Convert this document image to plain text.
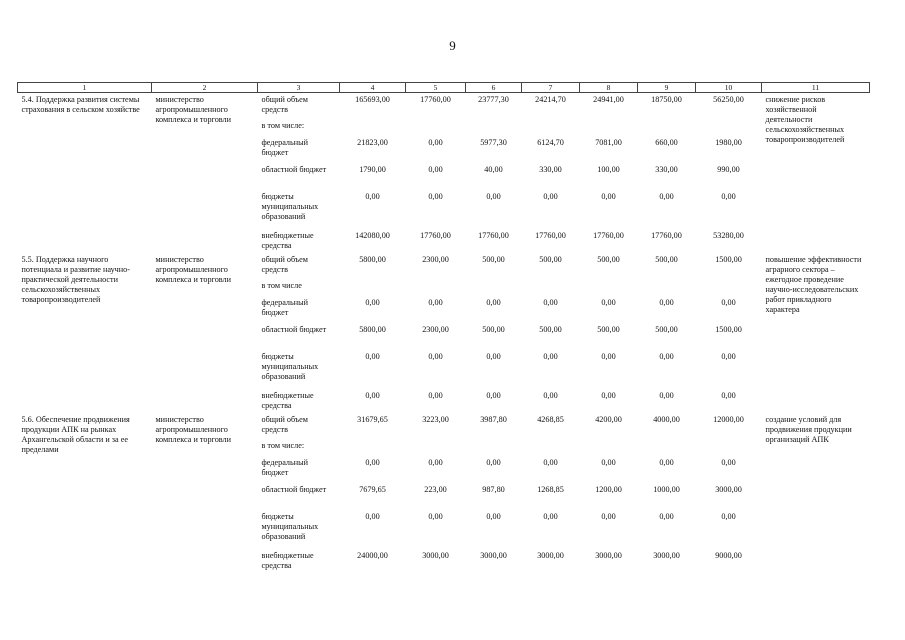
9
1	2	3	4	5	6	7	8	9	10	11
5.4. Поддержка развития системы страхования в сельском хозяйстве	министерство агропромышленного комплекса и торговли	общий объем средств	165693,00	17760,00	23777,30	24214,70	24941,00	18750,00	56250,00	снижение рисков хозяйственной деятельности сельскохозяйственных товаропроизводителей
		в том числе:								
		федеральный бюджет	21823,00	0,00	5977,30	6124,70	7081,00	660,00	1980,00	
		областной бюджет	1790,00	0,00	40,00	330,00	100,00	330,00	990,00	
		бюджеты муниципальных образований	0,00	0,00	0,00	0,00	0,00	0,00	0,00	
		внебюджетные средства	142080,00	17760,00	17760,00	17760,00	17760,00	17760,00	53280,00	
5.5. Поддержка научного потенциала и развитие научно-практической деятельности сельскохозяйственных товаропроизводителей	министерство агропромышленного комплекса и торговли	общий объем средств	5800,00	2300,00	500,00	500,00	500,00	500,00	1500,00	повышение эффективности аграрного сектора – ежегодное проведение научно-исследовательских работ прикладного характера
		в том числе								
		федеральный бюджет	0,00	0,00	0,00	0,00	0,00	0,00	0,00	
		областной бюджет	5800,00	2300,00	500,00	500,00	500,00	500,00	1500,00	
		бюджеты муниципальных образований	0,00	0,00	0,00	0,00	0,00	0,00	0,00	
		внебюджетные средства	0,00	0,00	0,00	0,00	0,00	0,00	0,00	
5.6. Обеспечение продвижения продукции АПК на рынках Архангельской области и за ее пределами	министерство агропромышленного комплекса и торговли	общий объем средств	31679,65	3223,00	3987,80	4268,85	4200,00	4000,00	12000,00	создание условий для продвижения продукции организаций АПК
		в том числе:								
		федеральный бюджет	0,00	0,00	0,00	0,00	0,00	0,00	0,00	
		областной бюджет	7679,65	223,00	987,80	1268,85	1200,00	1000,00	3000,00	
		бюджеты муниципальных образований	0,00	0,00	0,00	0,00	0,00	0,00	0,00	
		внебюджетные средства	24000,00	3000,00	3000,00	3000,00	3000,00	3000,00	9000,00	
